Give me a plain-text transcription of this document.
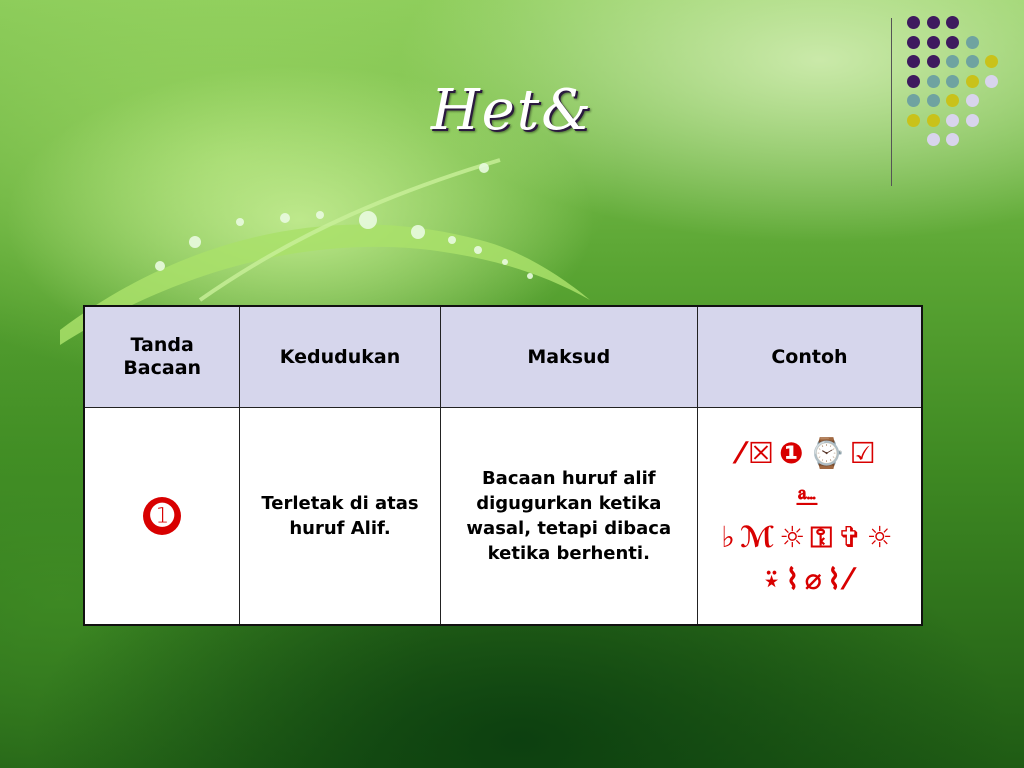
Het&
Tanda
Bacaan	Kedudukan	Maksud	Contoh
➊	Terletak di atas huruf Alif.	Bacaan huruf alif digugurkan ketika wasal, tetapi dibaca ketika berhenti.	⁄☒❶⌚☑
⎁
♭ℳ☼⚿✞☼
⍣⌇⌀⌇⁄
